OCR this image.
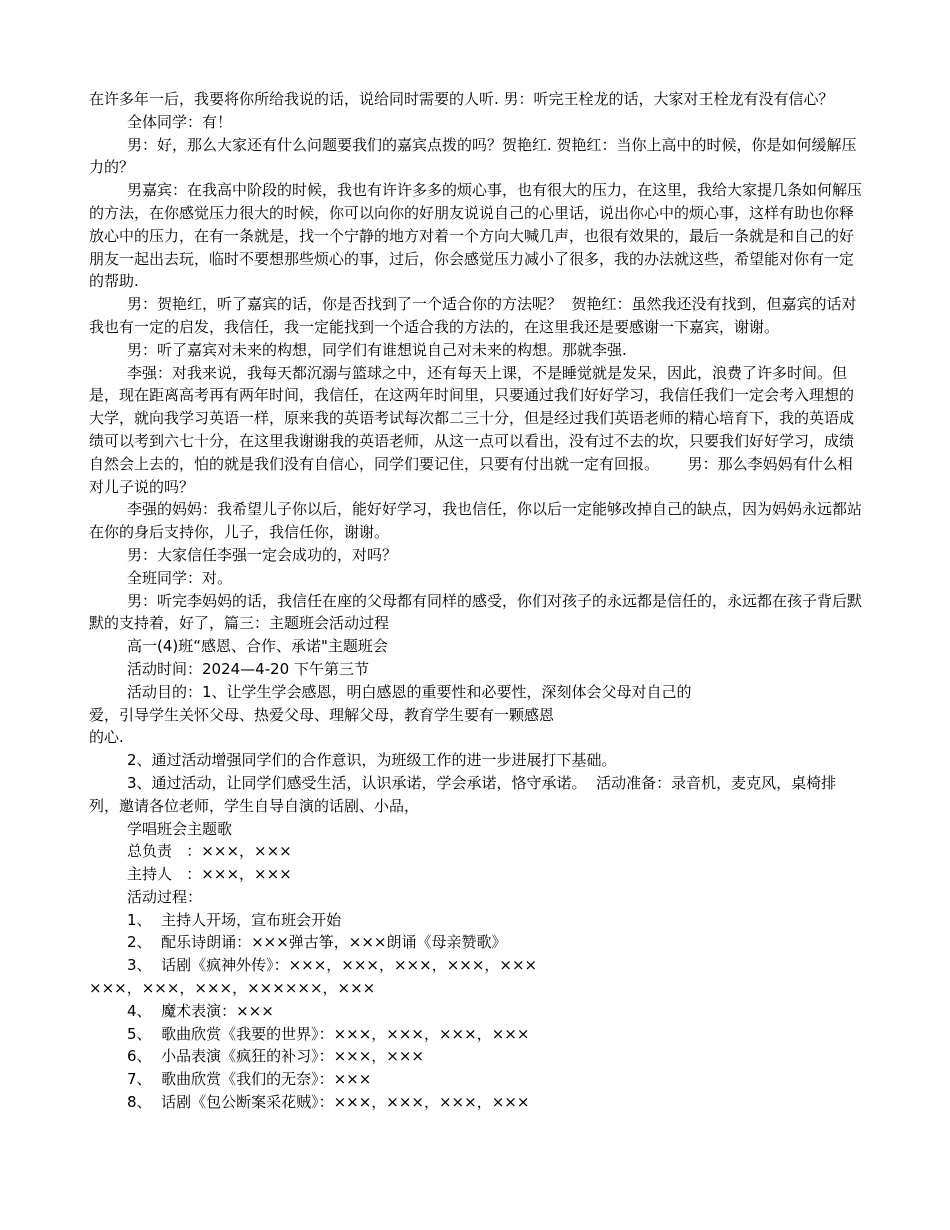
在许多年一后，我要将你所给我说的话，说给同时需要的人听. 男：听完王栓龙的话，大家对王栓龙有没有信心？

全体同学：有！

男：好，那么大家还有什么问题要我们的嘉宾点拨的吗？贺艳红. 贺艳红：当你上高中的时候，你是如何缓解压力的？

男嘉宾：在我高中阶段的时候，我也有许许多多的烦心事，也有很大的压力，在这里，我给大家提几条如何解压的方法，在你感觉压力很大的时候，你可以向你的好朋友说说自己的心里话，说出你心中的烦心事，这样有助也你释放心中的压力，在有一条就是，找一个宁静的地方对着一个方向大喊几声，也很有效果的，最后一条就是和自己的好朋友一起出去玩，临时不要想那些烦心的事，过后，你会感觉压力减小了很多，我的办法就这些，希望能对你有一定的帮助.

男：贺艳红，听了嘉宾的话，你是否找到了一个适合你的方法呢？  贺艳红：虽然我还没有找到，但嘉宾的话对我也有一定的启发，我信任，我一定能找到一个适合我的方法的，在这里我还是要感谢一下嘉宾，谢谢。

男：听了嘉宾对未来的构想，同学们有谁想说自己对未来的构想。那就李强.

李强：对我来说，我每天都沉溺与篮球之中，还有每天上课，不是睡觉就是发呆，因此，浪费了许多时间。但是，现在距离高考再有两年时间，我信任，在这两年时间里，只要通过我们好好学习，我信任我们一定会考入理想的大学，就向我学习英语一样，原来我的英语考试每次都二三十分，但是经过我们英语老师的精心培育下，我的英语成绩可以考到六七十分，在这里我谢谢我的英语老师，从这一点可以看出，没有过不去的坎，只要我们好好学习，成绩自然会上去的，怕的就是我们没有自信心，同学们要记住，只要有付出就一定有回报。      男：那么李妈妈有什么相对儿子说的吗？

李强的妈妈：我希望儿子你以后，能好好学习，我也信任，你以后一定能够改掉自己的缺点，因为妈妈永远都站在你的身后支持你，儿子，我信任你，谢谢。

男：大家信任李强一定会成功的，对吗？

全班同学：对。

男：听完李妈妈的话，我信任在座的父母都有同样的感受，你们对孩子的永远都是信任的，永远都在孩子背后默默的支持着，好了，篇三：主题班会活动过程

高一(4)班“感恩、合作、承诺"主题班会

活动时间：2024—4-20 下午第三节

活动目的：1、让学生学会感恩，明白感恩的重要性和必要性，深刻体会父母对自己的

爱，引导学生关怀父母、热爱父母、理解父母，教育学生要有一颗感恩

的心.

2、通过活动增强同学们的合作意识，为班级工作的进一步进展打下基础。

3、通过活动，让同学们感受生活，认识承诺，学会承诺，恪守承诺。  活动准备：录音机，麦克风，桌椅排列，邀请各位老师，学生自导自演的话剧、小品，

学唱班会主题歌

总负责   ：×××，×××

主持人   ：×××，×××

活动过程：

1、  主持人开场，宣布班会开始

2、  配乐诗朗诵：×××弹古筝，×××朗诵《母亲赞歌》

3、  话剧《疯神外传》：×××，×××，×××，×××，×××

×××，×××，×××，××××××，×××

4、  魔术表演：×××

5、  歌曲欣赏《我要的世界》：×××，×××，×××，×××

6、  小品表演《疯狂的补习》：×××，×××

7、  歌曲欣赏《我们的无奈》：×××

8、  话剧《包公断案采花贼》：×××，×××，×××，×××
